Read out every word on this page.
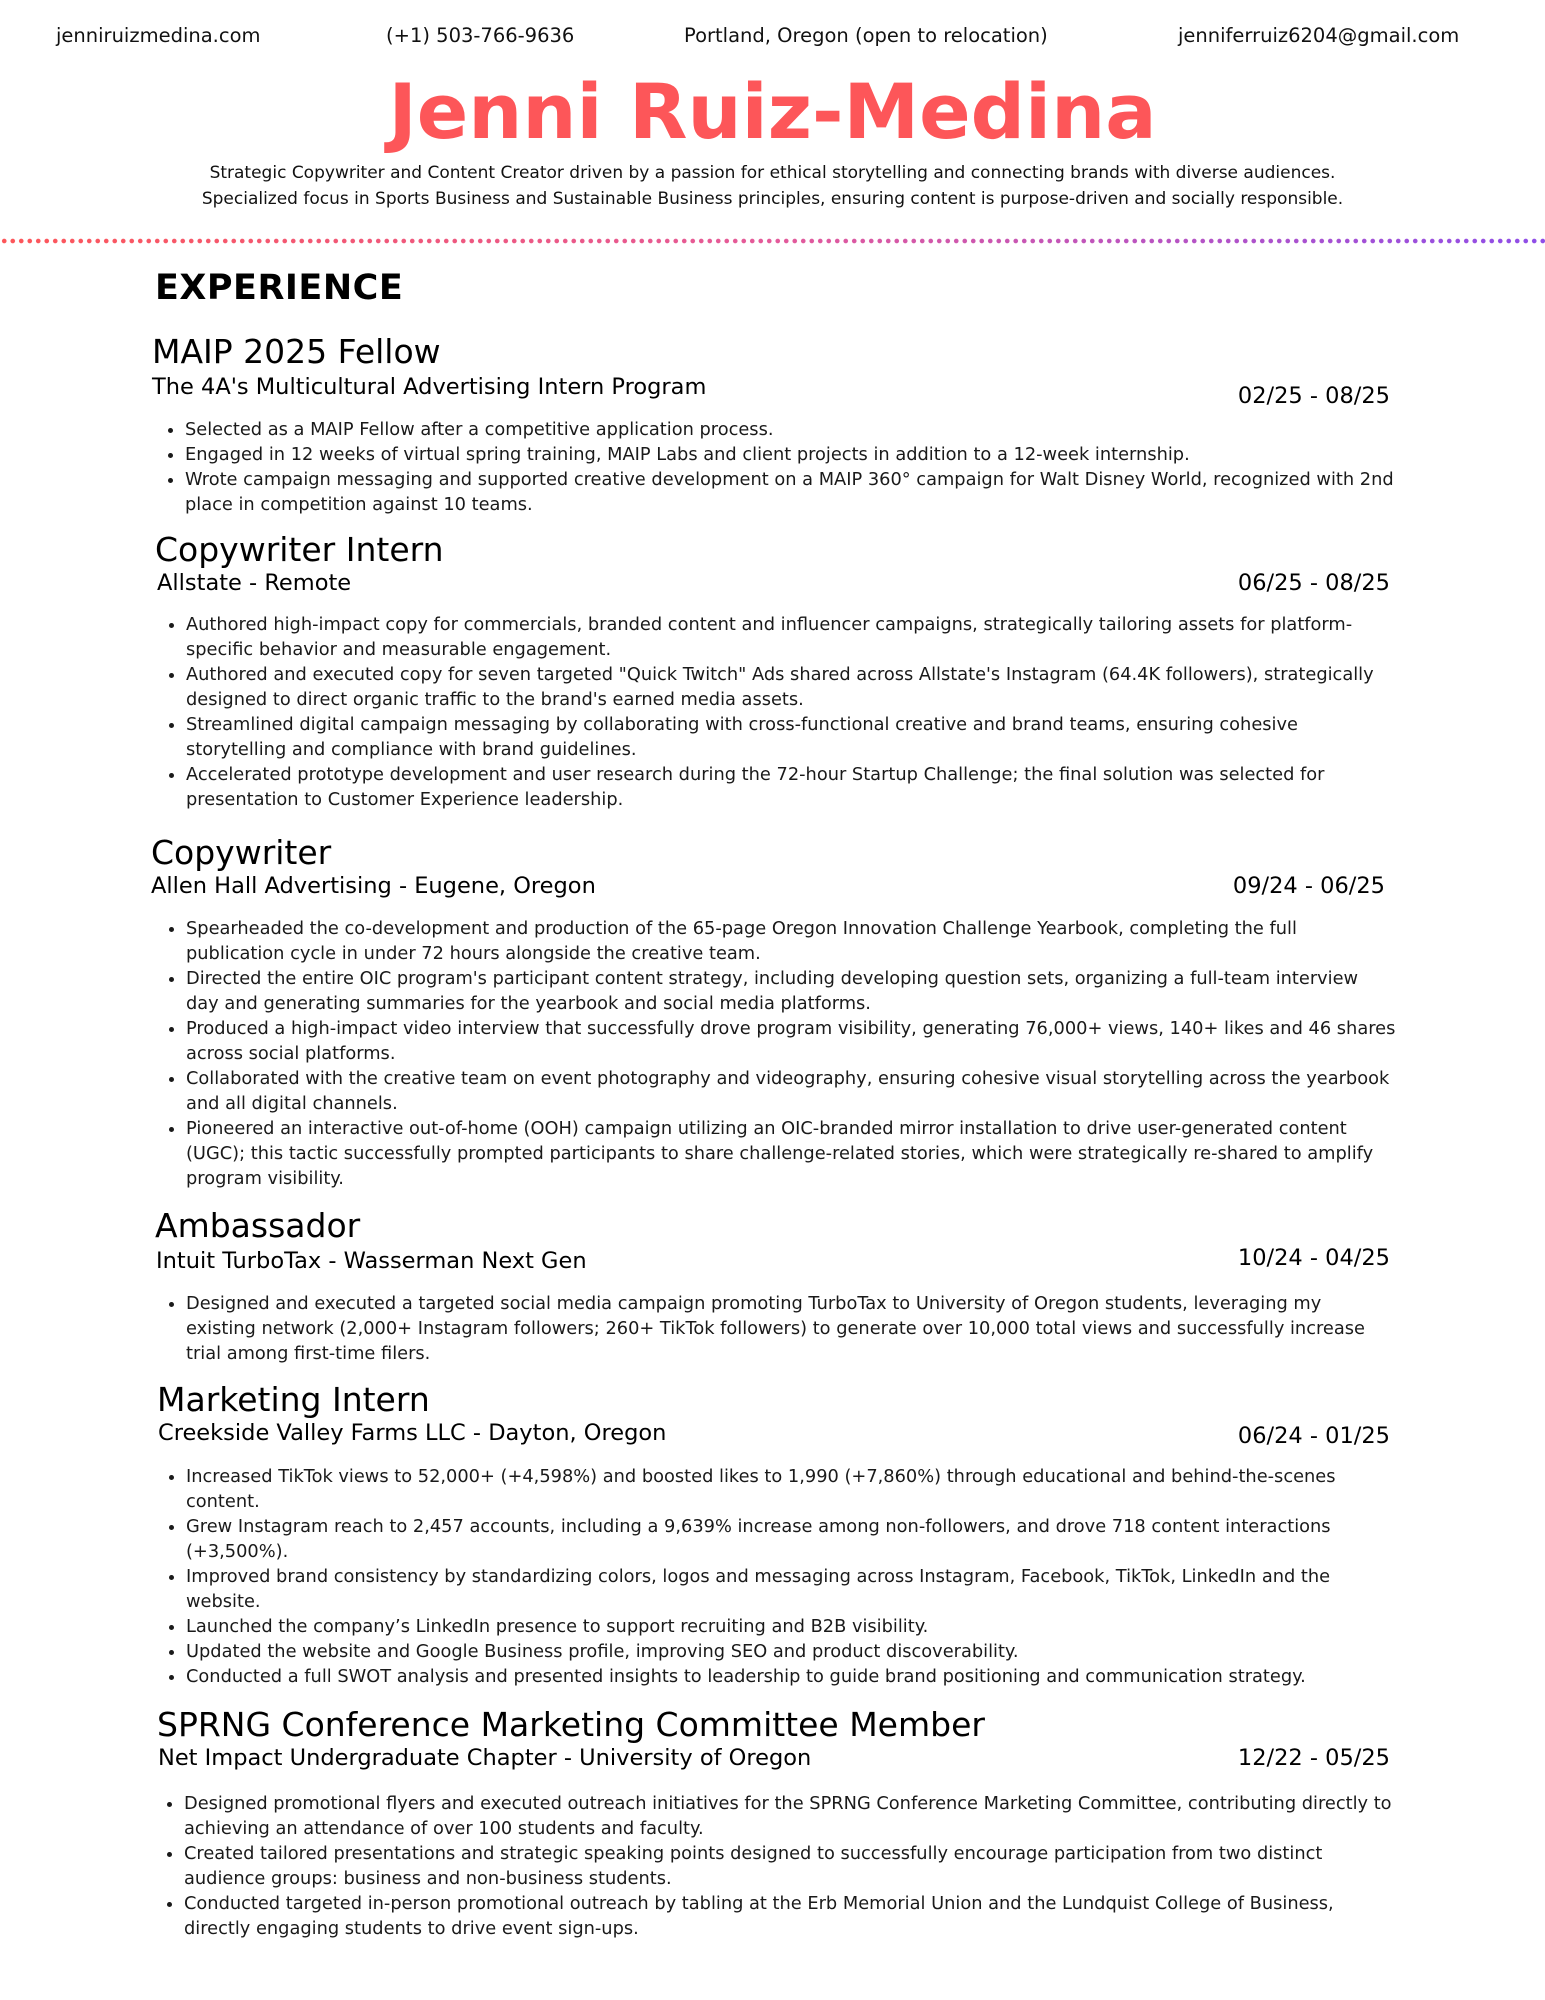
jenniruizmedina.com	(+1) 503-766-9636	Portland, Oregon (open to relocation)	jenniferruiz6204@gmail.com
Jenni Ruiz-Medina
Strategic Copywriter and Content Creator driven by a passion for ethical storytelling and connecting brands with diverse audiences.
Specialized focus in Sports Business and Sustainable Business principles, ensuring content is purpose-driven and socially responsible.
EXPERIENCE
MAIP 2025 Fellow
The 4A's Multicultural Advertising Intern Program	02/25 - 08/25
• Selected as a MAIP Fellow after a competitive application process.
• Engaged in 12 weeks of virtual spring training, MAIP Labs and client projects in addition to a 12-week internship.
• Wrote campaign messaging and supported creative development on a MAIP 360° campaign for Walt Disney World, recognized with 2nd place in competition against 10 teams.
Copywriter Intern
Allstate - Remote	06/25 - 08/25
• Authored high-impact copy for commercials, branded content and influencer campaigns, strategically tailoring assets for platform-specific behavior and measurable engagement.
• Authored and executed copy for seven targeted "Quick Twitch" Ads shared across Allstate's Instagram (64.4K followers), strategically designed to direct organic traffic to the brand's earned media assets.
• Streamlined digital campaign messaging by collaborating with cross-functional creative and brand teams, ensuring cohesive storytelling and compliance with brand guidelines.
• Accelerated prototype development and user research during the 72-hour Startup Challenge; the final solution was selected for presentation to Customer Experience leadership.
Copywriter
Allen Hall Advertising - Eugene, Oregon	09/24 - 06/25
• Spearheaded the co-development and production of the 65-page Oregon Innovation Challenge Yearbook, completing the full publication cycle in under 72 hours alongside the creative team.
• Directed the entire OIC program's participant content strategy, including developing question sets, organizing a full-team interview day and generating summaries for the yearbook and social media platforms.
• Produced a high-impact video interview that successfully drove program visibility, generating 76,000+ views, 140+ likes and 46 shares across social platforms.
• Collaborated with the creative team on event photography and videography, ensuring cohesive visual storytelling across the yearbook and all digital channels.
• Pioneered an interactive out-of-home (OOH) campaign utilizing an OIC-branded mirror installation to drive user-generated content (UGC); this tactic successfully prompted participants to share challenge-related stories, which were strategically re-shared to amplify program visibility.
Ambassador
Intuit TurboTax - Wasserman Next Gen	10/24 - 04/25
• Designed and executed a targeted social media campaign promoting TurboTax to University of Oregon students, leveraging my existing network (2,000+ Instagram followers; 260+ TikTok followers) to generate over 10,000 total views and successfully increase trial among first-time filers.
Marketing Intern
Creekside Valley Farms LLC - Dayton, Oregon	06/24 - 01/25
• Increased TikTok views to 52,000+ (+4,598%) and boosted likes to 1,990 (+7,860%) through educational and behind-the-scenes content.
• Grew Instagram reach to 2,457 accounts, including a 9,639% increase among non-followers, and drove 718 content interactions (+3,500%).
• Improved brand consistency by standardizing colors, logos and messaging across Instagram, Facebook, TikTok, LinkedIn and the website.
• Launched the company’s LinkedIn presence to support recruiting and B2B visibility.
• Updated the website and Google Business profile, improving SEO and product discoverability.
• Conducted a full SWOT analysis and presented insights to leadership to guide brand positioning and communication strategy.
SPRNG Conference Marketing Committee Member
Net Impact Undergraduate Chapter - University of Oregon	12/22 - 05/25
• Designed promotional flyers and executed outreach initiatives for the SPRNG Conference Marketing Committee, contributing directly to achieving an attendance of over 100 students and faculty.
• Created tailored presentations and strategic speaking points designed to successfully encourage participation from two distinct audience groups: business and non-business students.
• Conducted targeted in-person promotional outreach by tabling at the Erb Memorial Union and the Lundquist College of Business, directly engaging students to drive event sign-ups.
